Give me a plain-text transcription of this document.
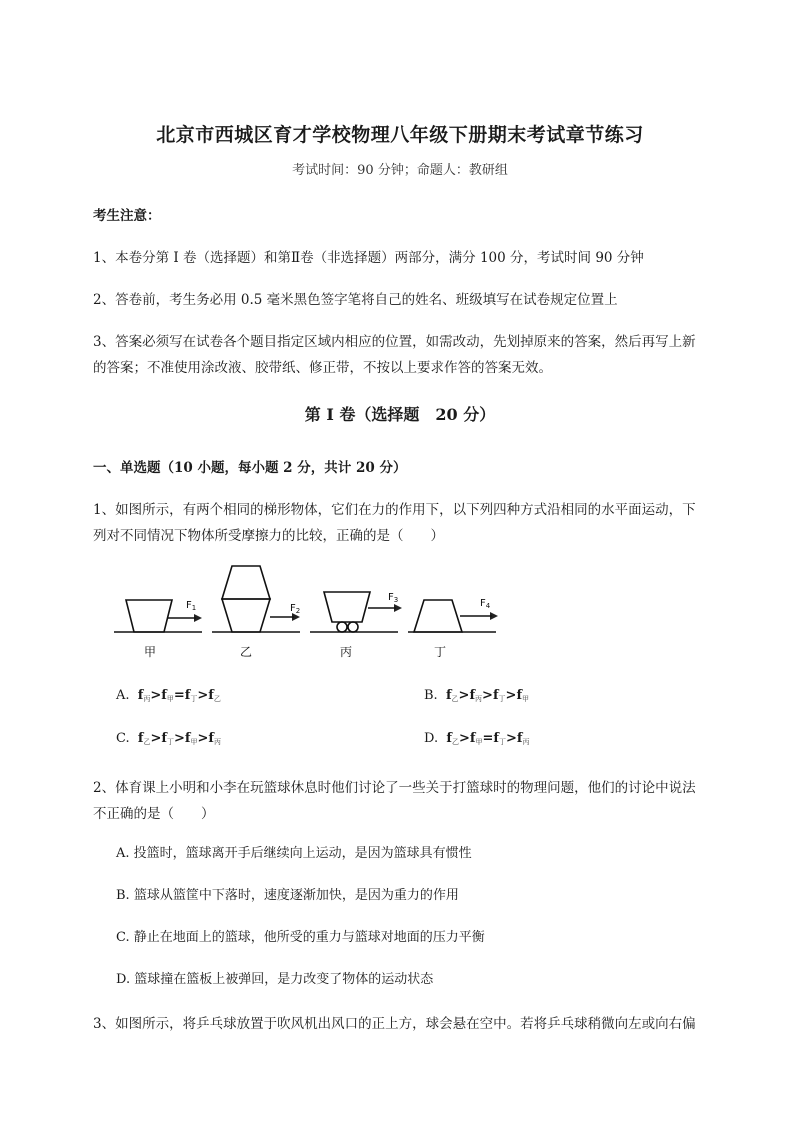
北京市西城区育才学校物理八年级下册期末考试章节练习
考试时间：90 分钟；命题人：教研组
考生注意：
1、本卷分第 I 卷（选择题）和第Ⅱ卷（非选择题）两部分，满分 100 分，考试时间 90 分钟
2、答卷前，考生务必用 0.5 毫米黑色签字笔将自己的姓名、班级填写在试卷规定位置上
3、答案必须写在试卷各个题目指定区域内相应的位置，如需改动，先划掉原来的答案，然后再写上新
的答案；不准使用涂改液、胶带纸、修正带，不按以上要求作答的答案无效。
第 I 卷（选择题　20 分）
一、单选题（10 小题，每小题 2 分，共计 20 分）
1、如图所示，有两个相同的梯形物体，它们在力的作用下，以下列四种方式沿相同的水平面运动，下
列对不同情况下物体所受摩擦力的比较，正确的是（　　）
$F_1$	$F_2$
$F_3$	$F_4$
甲	乙	丙	丁
A. $f_丙>f_甲=f_丁>f_乙$	B. $f_乙>f_丙>f_丁>f_甲$
C. $f_乙>f_丁>f_甲>f_丙$	D. $f_乙>f_甲=f_丁>f_丙$
2、体育课上小明和小李在玩篮球休息时他们讨论了一些关于打篮球时的物理问题，他们的讨论中说法
不正确的是（　　）
A. 投篮时，篮球离开手后继续向上运动，是因为篮球具有惯性
B. 篮球从篮筐中下落时，速度逐渐加快，是因为重力的作用
C. 静止在地面上的篮球，他所受的重力与篮球对地面的压力平衡
D. 篮球撞在篮板上被弹回，是力改变了物体的运动状态
3、如图所示，将乒乓球放置于吹风机出风口的正上方，球会悬在空中。若将乒乓球稍微向左或向右偏
